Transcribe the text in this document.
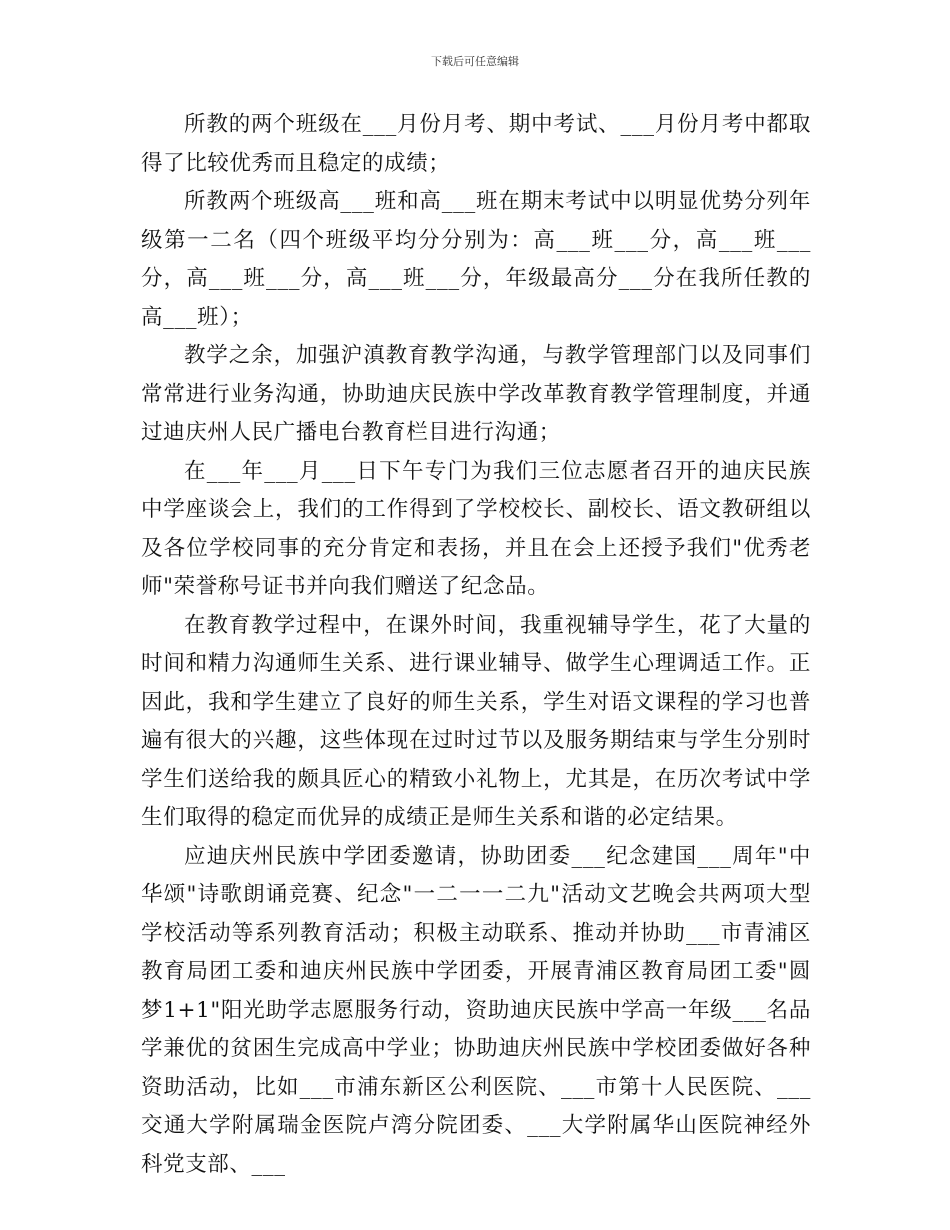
下载后可任意编辑

所教的两个班级在___月份月考、期中考试、___月份月考中都取得了比较优秀而且稳定的成绩；

所教两个班级高___班和高___班在期末考试中以明显优势分列年级第一二名（四个班级平均分分别为：高___班___分，高___班___分，高___班___分，高___班___分，年级最高分___分在我所任教的高___班）；

教学之余，加强沪滇教育教学沟通，与教学管理部门以及同事们常常进行业务沟通，协助迪庆民族中学改革教育教学管理制度，并通过迪庆州人民广播电台教育栏目进行沟通；

在___年___月___日下午专门为我们三位志愿者召开的迪庆民族中学座谈会上，我们的工作得到了学校校长、副校长、语文教研组以及各位学校同事的充分肯定和表扬，并且在会上还授予我们"优秀老师"荣誉称号证书并向我们赠送了纪念品。

在教育教学过程中，在课外时间，我重视辅导学生，花了大量的时间和精力沟通师生关系、进行课业辅导、做学生心理调适工作。正因此，我和学生建立了良好的师生关系，学生对语文课程的学习也普遍有很大的兴趣，这些体现在过时过节以及服务期结束与学生分别时学生们送给我的颇具匠心的精致小礼物上，尤其是，在历次考试中学生们取得的稳定而优异的成绩正是师生关系和谐的必定结果。

应迪庆州民族中学团委邀请，协助团委___纪念建国___周年"中华颂"诗歌朗诵竞赛、纪念"一二一一二九"活动文艺晚会共两项大型学校活动等系列教育活动；积极主动联系、推动并协助___市青浦区教育局团工委和迪庆州民族中学团委，开展青浦区教育局团工委"圆梦1+1"阳光助学志愿服务行动，资助迪庆民族中学高一年级___名品学兼优的贫困生完成高中学业；协助迪庆州民族中学校团委做好各种资助活动，比如___市浦东新区公利医院、___市第十人民医院、___交通大学附属瑞金医院卢湾分院团委、___大学附属华山医院神经外科党支部、___
